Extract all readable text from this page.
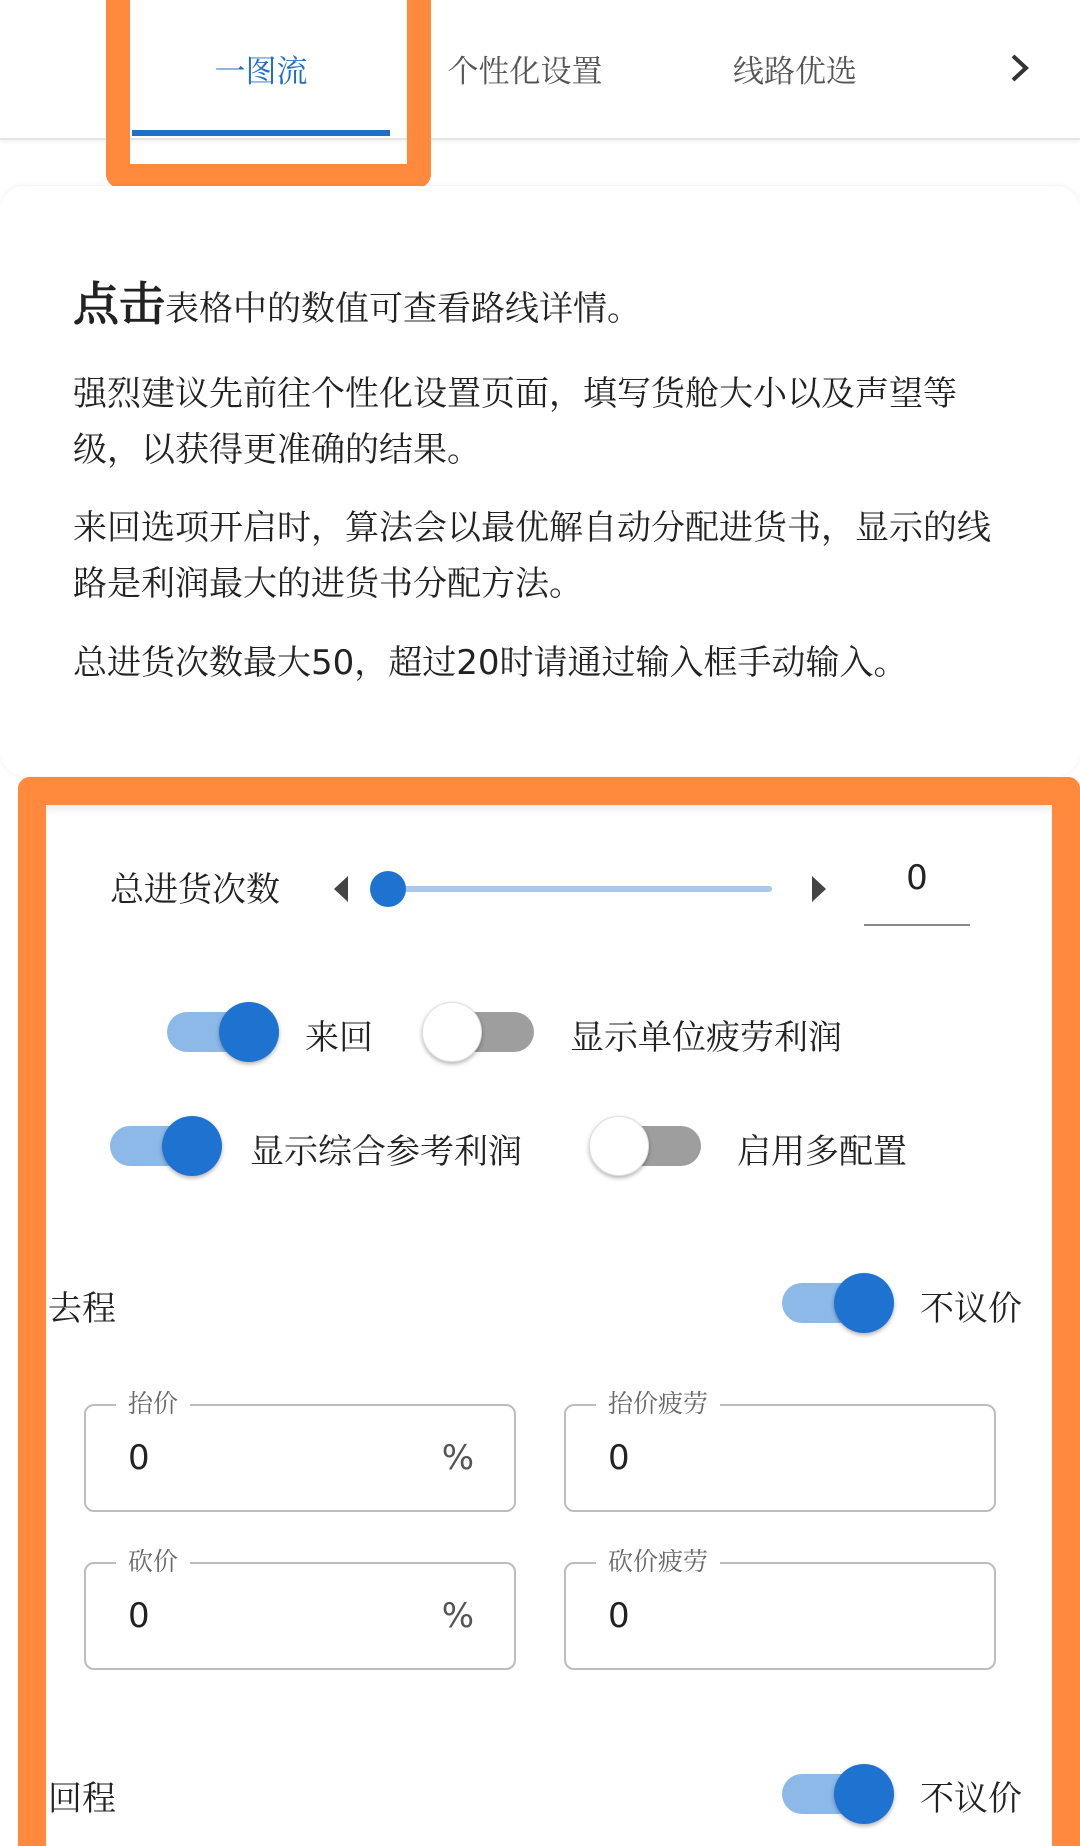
一图流	个性化设置	线路优选
点击表格中的数值可查看路线详情。
强烈建议先前往个性化设置页面，填写货舱大小以及声望等级，以获得更准确的结果。
来回选项开启时，算法会以最优解自动分配进货书，显示的线路是利润最大的进货书分配方法。
总进货次数最大50，超过20时请通过输入框手动输入。
总进货次数	0
来回	显示单位疲劳利润
显示综合参考利润	启用多配置
去程	不议价
抬价
0	%
抬价疲劳
0
砍价
0	%
砍价疲劳
0
回程	不议价
